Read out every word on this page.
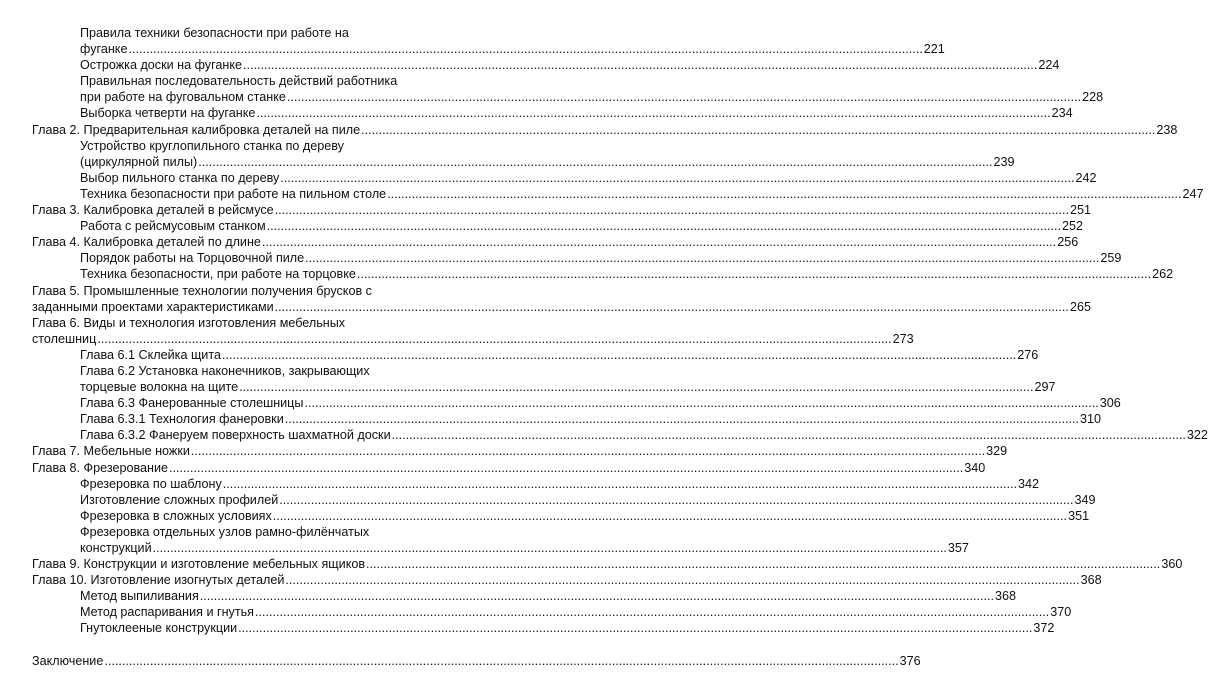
Правила техники безопасности при работе на
фуганке .....	221
Острожка доски на фуганке .....	224
Правильная последовательность действий работника
при работе на фуговальном станке .....	228
Выборка четверти на фуганке .....	234
Глава 2. Предварительная калибровка деталей на пиле .....	238
Устройство круглопильного станка по дереву
(циркулярной пилы) .....	239
Выбор пильного станка по дереву .....	242
Техника безопасности при работе на пильном столе .....	247
Глава 3. Калибровка деталей в рейсмусе .....	251
Работа с рейсмусовым станком .....	252
Глава 4. Калибровка деталей по длине .....	256
Порядок работы на Торцовочной пиле .....	259
Техника безопасности, при работе на торцовке .....	262
Глава 5. Промышленные технологии получения брусков с
заданными проектами характеристиками .....	265
Глава 6. Виды и технология изготовления мебельных
столешниц .....	273
Глава 6.1 Склейка щита .....	276
Глава 6.2 Установка наконечников, закрывающих
торцевые волокна на щите .....	297
Глава 6.3 Фанерованные столешницы .....	306
Глава 6.3.1 Технология фанеровки .....	310
Глава 6.3.2 Фанеруем поверхность шахматной доски .....	322
Глава 7. Мебельные ножки .....	329
Глава 8. Фрезерование .....	340
Фрезеровка по шаблону .....	342
Изготовление сложных профилей .....	349
Фрезеровка в сложных условиях .....	351
Фрезеровка отдельных узлов рамно-филёнчатых
конструкций .....	357
Глава 9. Конструкции и изготовление мебельных ящиков .....	360
Глава 10. Изготовление изогнутых деталей .....	368
Метод выпиливания .....	368
Метод распаривания и гнутья .....	370
Гнутоклееные конструкции .....	372
Заключение .....	376
